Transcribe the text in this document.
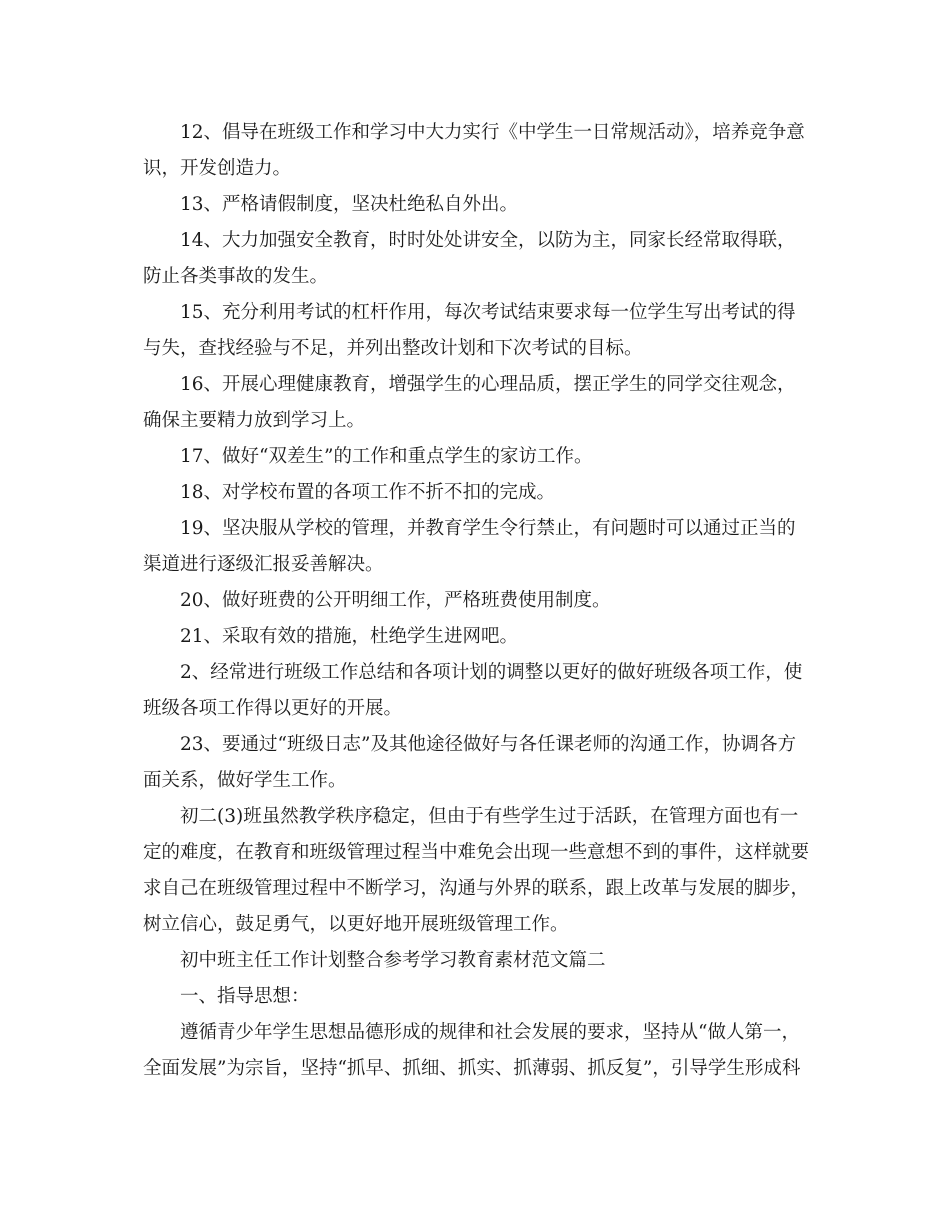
12、倡导在班级工作和学习中大力实行《中学生一日常规活动》，培养竞争意识，开发创造力。

13、严格请假制度，坚决杜绝私自外出。

14、大力加强安全教育，时时处处讲安全，以防为主，同家长经常取得联，防止各类事故的发生。

15、充分利用考试的杠杆作用，每次考试结束要求每一位学生写出考试的得与失，查找经验与不足，并列出整改计划和下次考试的目标。

16、开展心理健康教育，增强学生的心理品质，摆正学生的同学交往观念，确保主要精力放到学习上。

17、做好“双差生”的工作和重点学生的家访工作。

18、对学校布置的各项工作不折不扣的完成。

19、坚决服从学校的管理，并教育学生令行禁止，有问题时可以通过正当的渠道进行逐级汇报妥善解决。

20、做好班费的公开明细工作，严格班费使用制度。

21、采取有效的措施，杜绝学生进网吧。

2、经常进行班级工作总结和各项计划的调整以更好的做好班级各项工作，使班级各项工作得以更好的开展。

23、要通过“班级日志”及其他途径做好与各任课老师的沟通工作，协调各方面关系，做好学生工作。

初二(3)班虽然教学秩序稳定，但由于有些学生过于活跃，在管理方面也有一定的难度，在教育和班级管理过程当中难免会出现一些意想不到的事件，这样就要求自己在班级管理过程中不断学习，沟通与外界的联系，跟上改革与发展的脚步，树立信心，鼓足勇气，以更好地开展班级管理工作。

初中班主任工作计划整合参考学习教育素材范文篇二

一、指导思想：

遵循青少年学生思想品德形成的规律和社会发展的要求，坚持从“做人第一，全面发展”为宗旨，坚持“抓早、抓细、抓实、抓薄弱、抓反复”，引导学生形成科
